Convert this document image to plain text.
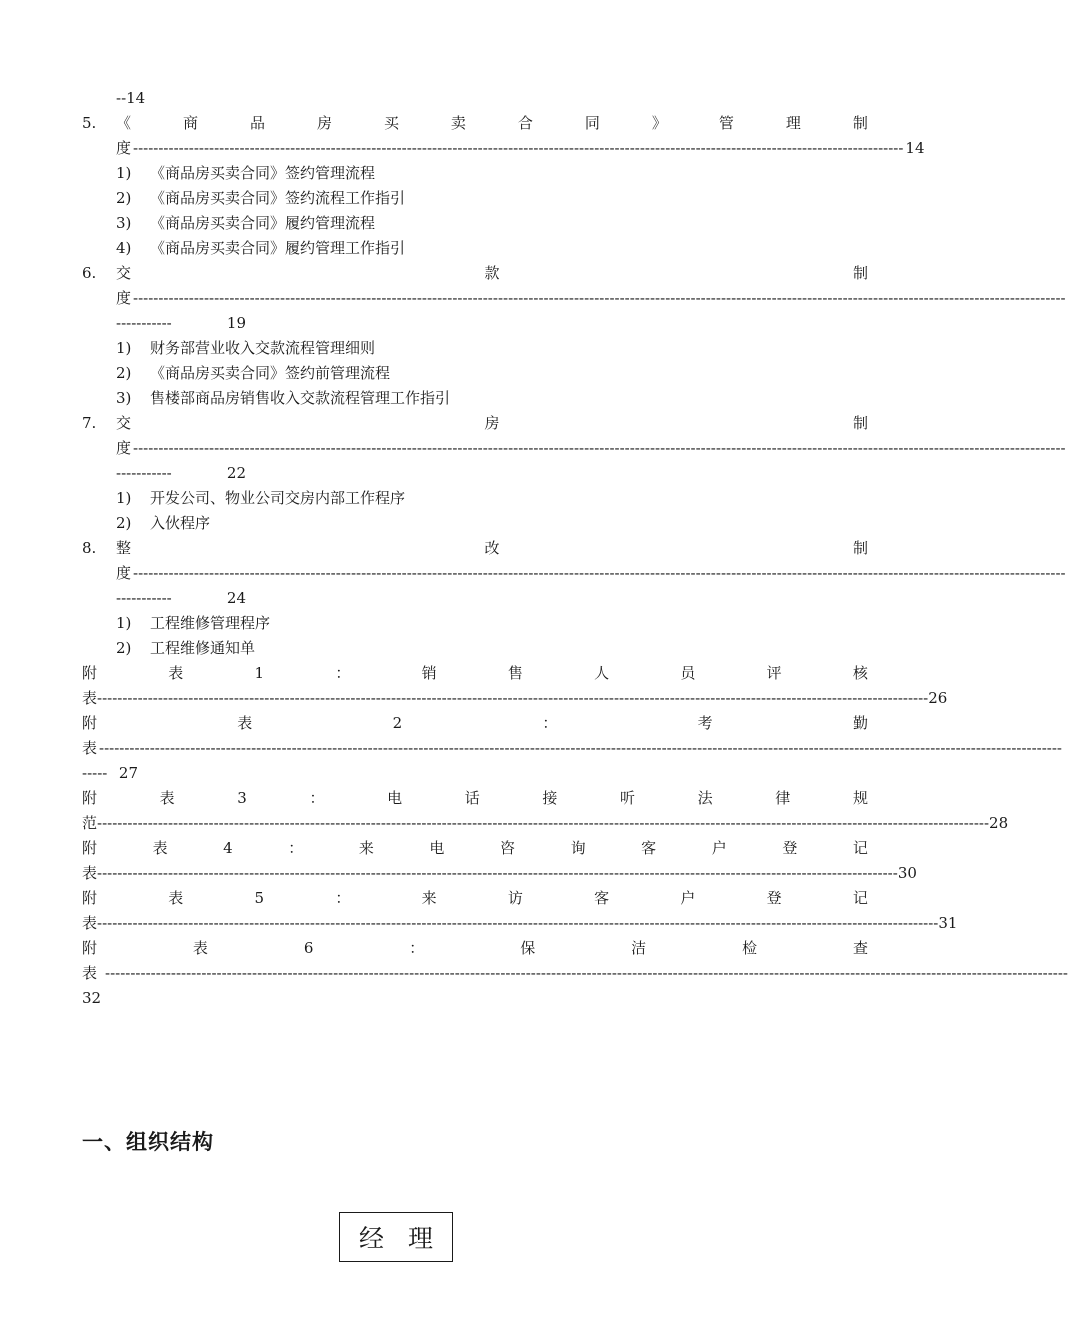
--14
5.	《	商	品	房	买	卖	合	同	》	管	理	制
度 -------------------------------------------------------------------------------------------------------------------------------------------------------- 14
1)	《商品房买卖合同》签约管理流程
2)	《商品房买卖合同》签约流程工作指引
3)	《商品房买卖合同》履约管理流程
4)	《商品房买卖合同》履约管理工作指引
6.	交	款	制
度 ----------------------------------------------------------------------------------------------------------------------------------------------------------------------------------------
-----------	19
1)	财务部营业收入交款流程管理细则
2)	《商品房买卖合同》签约前管理流程
3)	售楼部商品房销售收入交款流程管理工作指引
7.	交	房	制
度 ----------------------------------------------------------------------------------------------------------------------------------------------------------------------------------------
-----------	22
1)	开发公司、物业公司交房内部工作程序
2)	入伙程序
8.	整	改	制
度 ----------------------------------------------------------------------------------------------------------------------------------------------------------------------------------------
-----------	24
1)	工程维修管理程序
2)	工程维修通知单
附	表	1	：	销	售	人	员	评	核
表 -------------------------------------------------------------------------------------------------------------------------------------------------------------------- 26
附	表	2	：	考	勤
表 ----------------------------------------------------------------------------------------------------------------------------------------------------------------------------------------------
----- 27
附	表	3	：	电	话	接	听	法	律	规
范 -------------------------------------------------------------------------------------------------------------------------------------------------------------------------------- 28
附	表	4	：	来	电	咨	询	客	户	登	记
表 -------------------------------------------------------------------------------------------------------------------------------------------------------------- 30
附	表	5	：	来	访	客	户	登	记
表 ---------------------------------------------------------------------------------------------------------------------------------------------------------------------- 31
附	表	6	：	保	洁	检	查
表 ----------------------------------------------------------------------------------------------------------------------------------------------------------------------------------------------
32
一、组织结构
经 理
